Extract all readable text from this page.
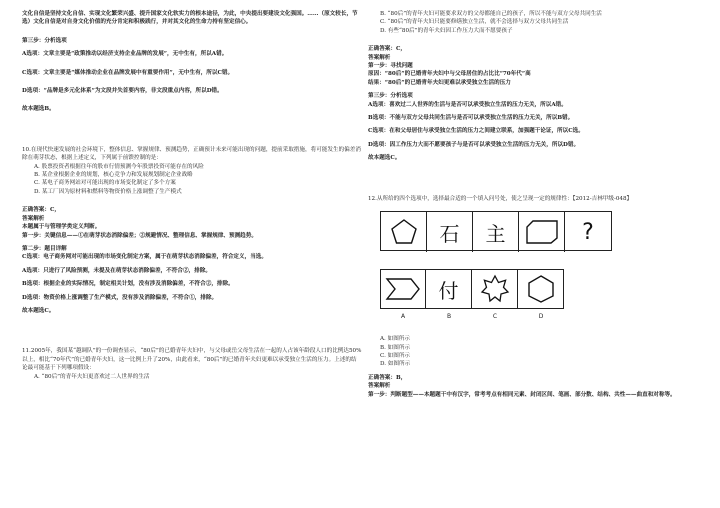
文化自信是坚持文化自信、实现文化繁荣兴盛、提升国家文化软实力的根本途径，为此，中央提出要建设文化强国。……（原文较长，节选）文化自信是对自身文化价值的充分肯定和积极践行，并对其文化的生命力持有坚定信心。

第三步：分析选项

A选项：文章主要是“政策推动以经济支持企业品牌的发展”，无中生有，所以A错。

C选项：文章主要是“媒体推动企业在品牌发展中有重要作用”，无中生有，所以C错。

D选项：“品牌是多元化体系”为文段并失首要内容，非文段重点内容，所以D错。

故本题选B。

10.在现代快速发展的社会环境下，整体信息、掌握规律、预测趋势，正确预计未来可能出现的问题，提前采取措施，将可能发生的偏差消除在萌芽状态，根据上述定义，下列属于前馈控制的是：

A. 股票投资者根据往年的股市行情预测今年股票投资可能存在的风险

B. 某企业根据企业的规划，核心竞争力和发展规划制定企业战略

C. 某电子商务网站对可能出现的市场变化制定了多个方案

D. 某工厂因为原材料和燃料等物资价格上涨调整了生产模式

正确答案：C，

答案解析

本题属于与管理学类定义判断。

第一步：关键信息——①在萌芽状态消除偏差；②规避情况、整理信息、掌握规律、预测趋势。

第二步：题目详解

C选项：电子商务网对可能出现的市场变化制定方案，属于在萌芽状态消除偏差，符合定义，当选。

A选项：只进行了风险预测，未提及在萌芽状态消除偏差，不符合②，排除。

B选项：根据企业的实际情况，制定相关计划，没有涉及消除偏差，不符合②，排除。

D选项：物资价格上涨调整了生产模式，没有涉及消除偏差，不符合①，排除。

故本题选C。

11.2005年，我国某“越调队”的一份调查显示，“80后”的已婚青年夫妇中，与父母或岳父母生活在一起的人占该年龄段人口的比例达50%以上，相比“70年代”的已婚青年夫妇，这一比例上升了20%，由此看来，“80后”的已婚青年夫妇更难以承受独立生活的压力。上述的结论最可能基于下列哪项假设：

A. “80后”的青年夫妇更喜欢过二人世界的生活

B. “80后”的青年夫妇可能要求双方的父母都能自己的孩子，所以不能与双方父母共同生活

C. “80后”的青年夫妇只能要修缮独立生活，就不会选择与双方父母共同生活

D. 有些“80后”的青年夫妇因工作压力大而不愿要孩子

正确答案：C，

答案解析

第一步：寻找问题

原因：“80后”的已婚青年夫妇中与父母居住的占比比“70年代”高

结果：“80后”的已婚青年夫妇更难以承受独立生活的压力

第三步：分析选项

A选项：喜欢过二人世界的生活与是否可以承受独立生活的压力无关，所以A错。

B选项：不能与双方父母共同生活与是否可以承受独立生活的压力无关，所以B错。

C选项：在和父母居住与承受独立生活的压力之间建立联系，加强题干论证，所以C选。

D选项：因工作压力大而不愿要孩子与是否可以承受独立生活的压力无关，所以D错。

故本题选C。

12.从所给的四个选项中，选择最合适的一个填入问号处，使之呈现一定的规律性：【2012-吉林甲级-048】

石 主	?
付
A	B	C	D

A. 如图所示

B. 如图所示

C. 如图所示

D. 如图所示

正确答案：B，

答案解析

第一步：判断题型——本题题干中有汉字，常考考点有相同元素、封闭区间、笔画、部分数、结构、共性——曲直和对称等。
